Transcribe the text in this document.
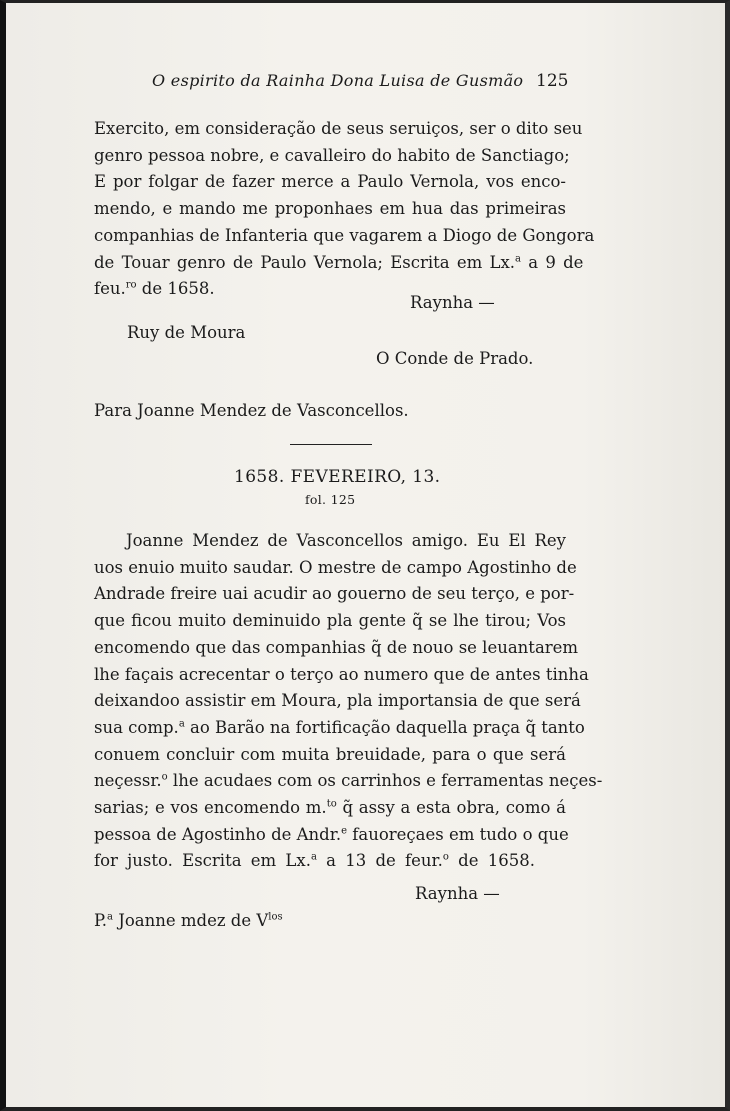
O espirito da Rainha Dona Luisa de Gusmão 125
Exercito, em consideração de seus seruiços, ser o dito seu
genro pessoa nobre, e cavalleiro do habito de Sanctiago;
E por folgar de fazer merce a Paulo Vernola, vos enco-
mendo, e mando me proponhaes em hua das primeiras
companhias de Infanteria que vagarem a Diogo de Gongora
de Touar genro de Paulo Vernola; Escrita em Lx.$^a$ a 9 de
feu.$^{ro}$ de 1658.
Raynha —
Ruy de Moura
O Conde de Prado.
Para Joanne Mendez de Vasconcellos.
1658. FEVEREIRO, 13.
fol. 125
Joanne Mendez de Vasconcellos amigo. Eu El Rey
uos enuio muito saudar. O mestre de campo Agostinho de
Andrade freire uai acudir ao gouerno de seu terço, e por-
que ficou muito deminuido pla gente q̃ se lhe tirou; Vos
encomendo que das companhias q̃ de nouo se leuantarem
lhe façais acrecentar o terço ao numero que de antes tinha
deixandoo assistir em Moura, pla importansia de que será
sua comp.$^a$ ao Barão na fortificação daquella praça q̃ tanto
conuem concluir com muita breuidade, para o que será
neçessr.$^o$ lhe acudaes com os carrinhos e ferramentas neçes-
sarias; e vos encomendo m.$^{to}$ q̃ assy a esta obra, como á
pessoa de Agostinho de Andr.$^e$ fauoreçaes em tudo o que
for justo. Escrita em Lx.$^a$ a 13 de feur.$^o$ de 1658.
Raynha —
P.$^a$ Joanne mdez de $V^{los}$
